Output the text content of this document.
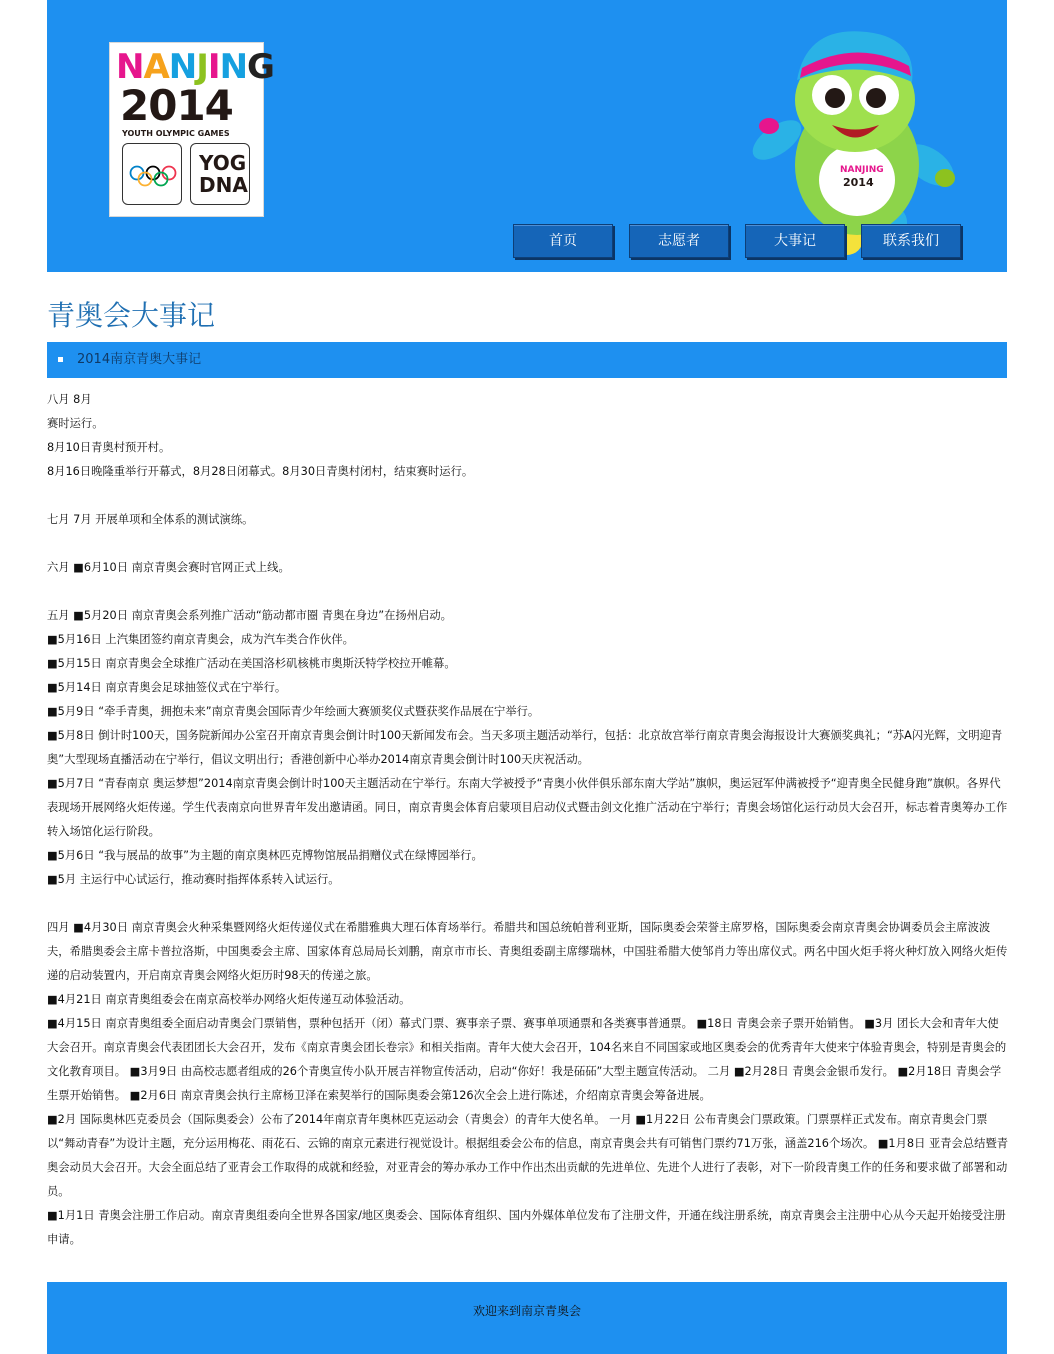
NANJING
2014
YOUTH OLYMPIC GAMES
YOG
DNA
NANJING
2014
首页	志愿者	大事记	联系我们
青奥会大事记
2014南京青奥大事记

八月 8月

赛时运行。

8月10日青奥村预开村。

8月16日晚隆重举行开幕式，8月28日闭幕式。8月30日青奥村闭村，结束赛时运行。

七月 7月 开展单项和全体系的测试演练。

六月 ■6月10日 南京青奥会赛时官网正式上线。

五月 ■5月20日 南京青奥会系列推广活动“筋动都市圈 青奥在身边”在扬州启动。

■5月16日 上汽集团签约南京青奥会，成为汽车类合作伙伴。

■5月15日 南京青奥会全球推广活动在美国洛杉矶核桃市奥斯沃特学校拉开帷幕。

■5月14日 南京青奥会足球抽签仪式在宁举行。

■5月9日 “牵手青奥，拥抱未来”南京青奥会国际青少年绘画大赛颁奖仪式暨获奖作品展在宁举行。

■5月8日 倒计时100天，国务院新闻办公室召开南京青奥会倒计时100天新闻发布会。当天多项主题活动举行，包括：北京故宫举行南京青奥会海报设计大赛颁奖典礼；“苏A闪光辉，文明迎青奥”大型现场直播活动在宁举行，倡议文明出行；香港创新中心举办2014南京青奥会倒计时100天庆祝活动。

■5月7日 “青春南京 奥运梦想”2014南京青奥会倒计时100天主题活动在宁举行。东南大学被授予“青奥小伙伴俱乐部东南大学站”旗帜，奥运冠军仲满被授予“迎青奥全民健身跑”旗帜。各界代表现场开展网络火炬传递。学生代表南京向世界青年发出邀请函。同日，南京青奥会体育启蒙项目启动仪式暨击剑文化推广活动在宁举行；青奥会场馆化运行动员大会召开，标志着青奥筹办工作转入场馆化运行阶段。

■5月6日 “我与展品的故事”为主题的南京奥林匹克博物馆展品捐赠仪式在绿博园举行。

■5月 主运行中心试运行，推动赛时指挥体系转入试运行。

四月 ■4月30日 南京青奥会火种采集暨网络火炬传递仪式在希腊雅典大理石体育场举行。希腊共和国总统帕普利亚斯，国际奥委会荣誉主席罗格，国际奥委会南京青奥会协调委员会主席波波夫，希腊奥委会主席卡普拉洛斯，中国奥委会主席、国家体育总局局长刘鹏，南京市市长、青奥组委副主席缪瑞林，中国驻希腊大使邹肖力等出席仪式。两名中国火炬手将火种灯放入网络火炬传递的启动装置内，开启南京青奥会网络火炬历时98天的传递之旅。

■4月21日 南京青奥组委会在南京高校举办网络火炬传递互动体验活动。

■4月15日 南京青奥组委全面启动青奥会门票销售，票种包括开（闭）幕式门票、赛事亲子票、赛事单项通票和各类赛事普通票。 ■18日 青奥会亲子票开始销售。 ■3月 团长大会和青年大使大会召开。南京青奥会代表团团长大会召开，发布《南京青奥会团长卷宗》和相关指南。青年大使大会召开，104名来自不同国家或地区奥委会的优秀青年大使来宁体验青奥会，特别是青奥会的文化教育项目。 ■3月9日 由高校志愿者组成的26个青奥宣传小队开展吉祥物宣传活动，启动“你好！我是砳砳”大型主题宣传活动。 二月 ■2月28日 青奥会金银币发行。 ■2月18日 青奥会学生票开始销售。 ■2月6日 南京青奥会执行主席杨卫泽在索契举行的国际奥委会第126次全会上进行陈述，介绍南京青奥会筹备进展。

■2月 国际奥林匹克委员会（国际奥委会）公布了2014年南京青年奥林匹克运动会（青奥会）的青年大使名单。 一月 ■1月22日 公布青奥会门票政策。门票票样正式发布。南京青奥会门票以“舞动青春”为设计主题，充分运用梅花、雨花石、云锦的南京元素进行视觉设计。根据组委会公布的信息，南京青奥会共有可销售门票约71万张，涵盖216个场次。 ■1月8日 亚青会总结暨青奥会动员大会召开。大会全面总结了亚青会工作取得的成就和经验，对亚青会的筹办承办工作中作出杰出贡献的先进单位、先进个人进行了表彰，对下一阶段青奥工作的任务和要求做了部署和动员。

■1月1日 青奥会注册工作启动。南京青奥组委向全世界各国家/地区奥委会、国际体育组织、国内外媒体单位发布了注册文件，开通在线注册系统，南京青奥会主注册中心从今天起开始接受注册申请。

欢迎来到南京青奥会
